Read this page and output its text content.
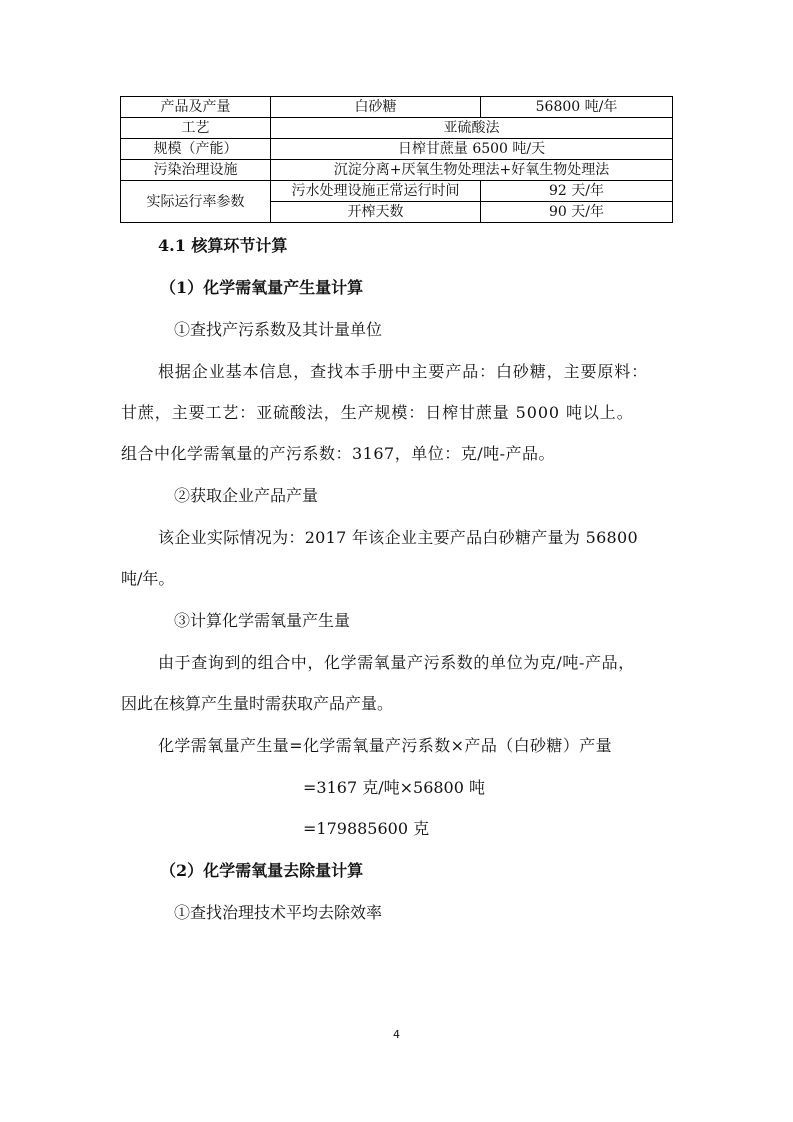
产品及产量	白砂糖	56800 吨/年
工艺	亚硫酸法	
规模（产能）	日榨甘蔗量 6500 吨/天	
污染治理设施	沉淀分离+厌氧生物处理法+好氧生物处理法	
实际运行率参数	污水处理设施正常运行时间	92 天/年
	开榨天数	90 天/年
4.1 核算环节计算
（1）化学需氧量产生量计算
①查找产污系数及其计量单位
根据企业基本信息，查找本手册中主要产品：白砂糖，主要原料：
甘蔗，主要工艺：亚硫酸法，生产规模：日榨甘蔗量 5000 吨以上。
组合中化学需氧量的产污系数：3167，单位：克/吨-产品。
②获取企业产品产量
该企业实际情况为：2017 年该企业主要产品白砂糖产量为 56800
吨/年。
③计算化学需氧量产生量
由于查询到的组合中，化学需氧量产污系数的单位为克/吨-产品，
因此在核算产生量时需获取产品产量。
化学需氧量产生量=化学需氧量产污系数×产品（白砂糖）产量
=3167 克/吨×56800 吨
=179885600 克
（2）化学需氧量去除量计算
①查找治理技术平均去除效率
4
